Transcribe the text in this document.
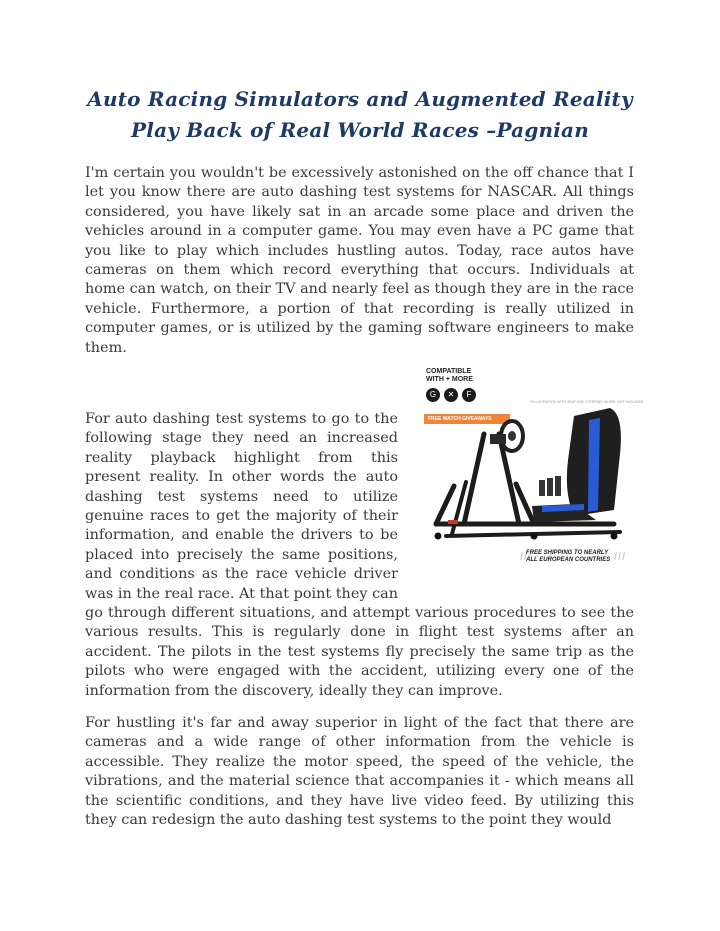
Auto Racing Simulators and Augmented Reality
Play Back of Real World Races –Pagnian

I'm certain you wouldn't be excessively astonished on the off chance that I let you know there are auto dashing test systems for NASCAR. All things considered, you have likely sat in an arcade some place and driven the vehicles around in a computer game. You may even have a PC game that you like to play which includes hustling autos. Today, race autos have cameras on them which record everything that occurs. Individuals at home can watch, on their TV and nearly feel as though they are in the race vehicle. Furthermore, a portion of that recording is really utilized in computer games, or is utilized by the gaming software engineers to make them.

For auto dashing test systems to go to the following stage they need an increased reality playback highlight from this present reality. In other words the auto dashing test systems need to utilize genuine races to get the majority of their information, and enable the drivers to be placed into precisely the same positions, and conditions as the race vehicle driver was in the real race. At that point they can go through different situations, and attempt various procedures to see the various results. This is regularly done in flight test systems after an accident. The pilots in the test systems fly precisely the same trip as the pilots who were engaged with the accident, utilizing every one of the information from the discovery, ideally they can improve.

For hustling it's far and away superior in light of the fact that there are cameras and a wide range of other information from the vehicle is accessible. They realize the motor speed, the speed of the vehicle, the vibrations, and the material science that accompanies it - which means all the scientific conditions, and they have live video feed. By utilizing this they can redesign the auto dashing test systems to the point they would

COMPATIBLE
WITH + MORE
G	✕	F
*ILLUSTRATION WITH SEAT AND STEERING WHEEL NOT INCLUDED
FREE WATCH GIVEAWAYS
///
FREE SHIPPING TO NEARLY
ALL EUROPEAN COUNTRIES ///
